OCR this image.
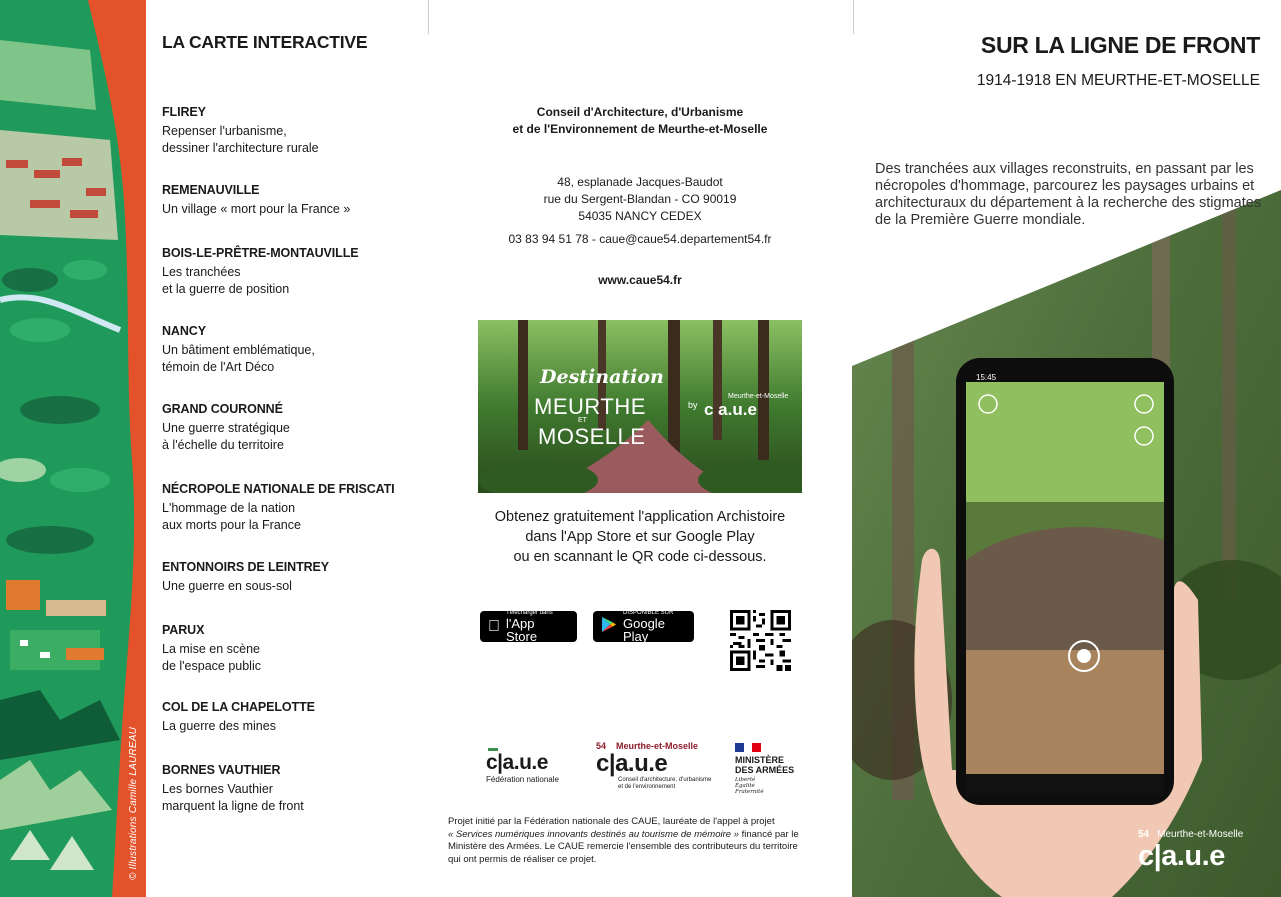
© Illustrations Camille LAUREAU
LA CARTE INTERACTIVE
FLIREY
Repenser l'urbanisme,
dessiner l'architecture rurale
REMENAUVILLE
Un village « mort pour la France »
BOIS-LE-PRÊTRE-MONTAUVILLE
Les tranchées
et la guerre de position
NANCY
Un bâtiment emblématique,
témoin de l'Art Déco
GRAND COURONNÉ
Une guerre stratégique
à l'échelle du territoire
NÉCROPOLE NATIONALE DE FRISCATI
L'hommage de la nation
aux morts pour la France
ENTONNOIRS DE LEINTREY
Une guerre en sous-sol
PARUX
La mise en scène
de l'espace public
COL DE LA CHAPELOTTE
La guerre des mines
BORNES VAUTHIER
Les bornes Vauthier
marquent la ligne de front
Conseil d'Architecture, d'Urbanisme
et de l'Environnement de Meurthe-et-Moselle
48, esplanade Jacques-Baudot
rue du Sergent-Blandan - CO 90019
54035 NANCY CEDEX
03 83 94 51 78 - caue@caue54.departement54.fr
www.caue54.fr
Destination
MEURTHE
ET
MOSELLE
by
Meurthe-et-Moselle
c a.u.e
Obtenez gratuitement l'application Archistoire
dans l'App Store et sur Google Play
ou en scannant le QR code ci-dessous.
Télécharger dans
l'App Store
DISPONIBLE SUR
Google Play
c|a.u.e
Fédération nationale
54 Meurthe-et-Moselle
c|a.u.e
Conseil d'architecture, d'urbanisme
et de l'environnement
MINISTÈRE
DES ARMÉES
Liberté
Égalité
Fraternité
Projet initié par la Fédération nationale des CAUE, lauréate de l'appel à projet
« Services numériques innovants destinés au tourisme de mémoire » financé par le
Ministère des Armées. Le CAUE remercie l'ensemble des contributeurs du territoire
qui ont permis de réaliser ce projet.
15:45
SUR LA LIGNE DE FRONT
1914-1918 EN MEURTHE-ET-MOSELLE
Des tranchées aux villages reconstruits, en passant par les nécropoles d'hommage, parcourez les paysages urbains et architecturaux du département à la recherche des stigmates de la Première Guerre mondiale.
54 Meurthe-et-Moselle
c|a.u.e
